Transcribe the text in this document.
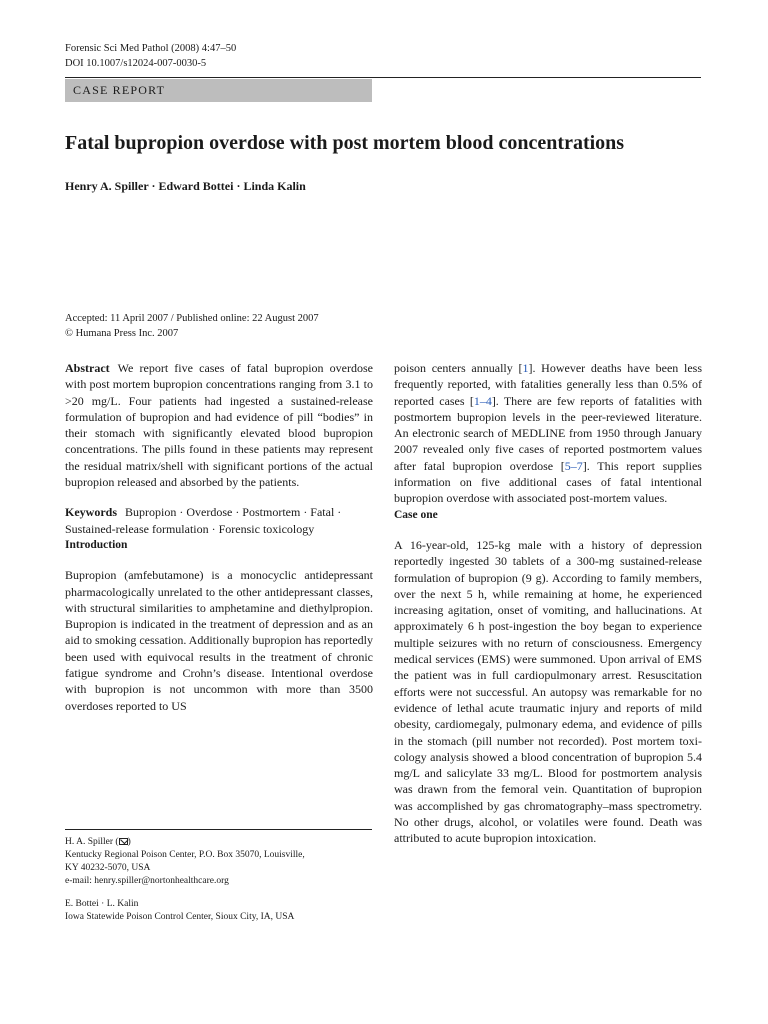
Forensic Sci Med Pathol (2008) 4:47–50
DOI 10.1007/s12024-007-0030-5
CASE REPORT
Fatal bupropion overdose with post mortem blood concentrations
Henry A. Spiller · Edward Bottei · Linda Kalin
Accepted: 11 April 2007 / Published online: 22 August 2007
© Humana Press Inc. 2007

Abstract We report five cases of fatal bupropion overdose with post mortem bupropion concentrations ranging from 3.1 to >20 mg/L. Four patients had ingested a sustained-release formulation of bupropion and had evidence of pill “bodies” in their stomach with significantly elevated blood bupropion concentrations. The pills found in these patients may represent the residual matrix/shell with significant portions of the actual bupropion released and absorbed by the patients.

Keywords Bupropion · Overdose · Postmortem · Fatal · Sustained-release formulation · Forensic toxicology

Introduction

Bupropion (amfebutamone) is a monocyclic antidepressant pharmacologically unrelated to the other antidepressant classes, with structural similarities to amphetamine and diethylpropion. Bupropion is indicated in the treatment of depression and as an aid to smoking cessation. Additionally bupropion has reportedly been used with equivocal results in the treatment of chronic fatigue syndrome and Crohn’s disease. Intentional overdose with bupropion is not uncommon with more than 3500 overdoses reported to US

poison centers annually [1]. However deaths have been less frequently reported, with fatalities generally less than 0.5% of reported cases [1–4]. There are few reports of fatalities with postmortem bupropion levels in the peer-reviewed literature. An electronic search of MEDLINE from 1950 through January 2007 revealed only five cases of reported postmortem values after fatal bupropion overdose [5–7]. This report supplies information on five additional cases of fatal intentional bupropion overdose with associated post-mortem values.

Case one

A 16-year-old, 125-kg male with a history of depression reportedly ingested 30 tablets of a 300-mg sustained-release formulation of bupropion (9 g). According to family members, over the next 5 h, while remaining at home, he experienced increasing agitation, onset of vomiting, and hallucinations. At approximately 6 h post-ingestion the boy began to experience multiple seizures with no return of consciousness. Emergency medical services (EMS) were summoned. Upon arrival of EMS the patient was in full cardiopulmonary arrest. Resuscitation efforts were not successful. An autopsy was remarkable for no evidence of lethal acute traumatic injury and reports of mild obesity, cardiomegaly, pulmonary edema, and evidence of pills in the stomach (pill number not recorded). Post mortem toxi-cology analysis showed a blood concentration of bupropion 5.4 mg/L and salicylate 33 mg/L. Blood for postmortem analysis was drawn from the femoral vein. Quantitation of bupropion was accomplished by gas chromatography–mass spectrometry. No other drugs, alcohol, or volatiles were found. Death was attributed to acute bupropion intoxication.

H. A. Spiller ( )
Kentucky Regional Poison Center, P.O. Box 35070, Louisville,
KY 40232-5070, USA
e-mail: henry.spiller@nortonhealthcare.org
E. Bottei · L. Kalin
Iowa Statewide Poison Control Center, Sioux City, IA, USA
